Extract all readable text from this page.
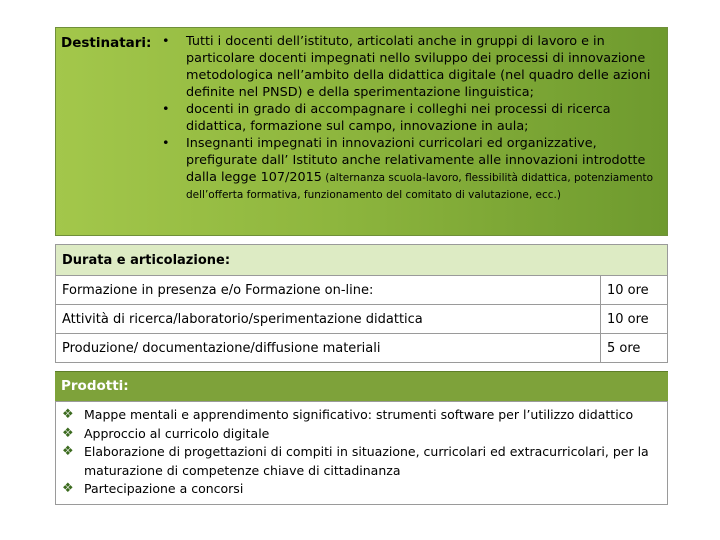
Destinatari: • Tutti i docenti dell’istituto, articolati anche in gruppi di lavoro e in particolare docenti impegnati nello sviluppo dei processi di innovazione metodologica nell’ambito della didattica digitale (nel quadro delle azioni definite nel PNSD) e della sperimentazione linguistica;
• docenti in grado di accompagnare i colleghi nei processi di ricerca didattica, formazione sul campo, innovazione in aula;
• Insegnanti impegnati in innovazioni curricolari ed organizzative, prefigurate dall’ Istituto anche relativamente alle innovazioni introdotte dalla legge 107/2015 (alternanza scuola-lavoro, flessibilità didattica, potenziamento dell’offerta formativa, funzionamento del comitato di valutazione, ecc.)
Durata e articolazione:	
Formazione in presenza e/o Formazione on-line:	10 ore
Attività di ricerca/laboratorio/sperimentazione didattica	10 ore
Produzione/ documentazione/diffusione materiali	5 ore
Prodotti:
❖ Mappe mentali e apprendimento significativo: strumenti software per l’utilizzo didattico
❖ Approccio al curricolo digitale
❖ Elaborazione di progettazioni di compiti in situazione, curricolari ed extracurricolari, per la maturazione di competenze chiave di cittadinanza
❖ Partecipazione a concorsi
